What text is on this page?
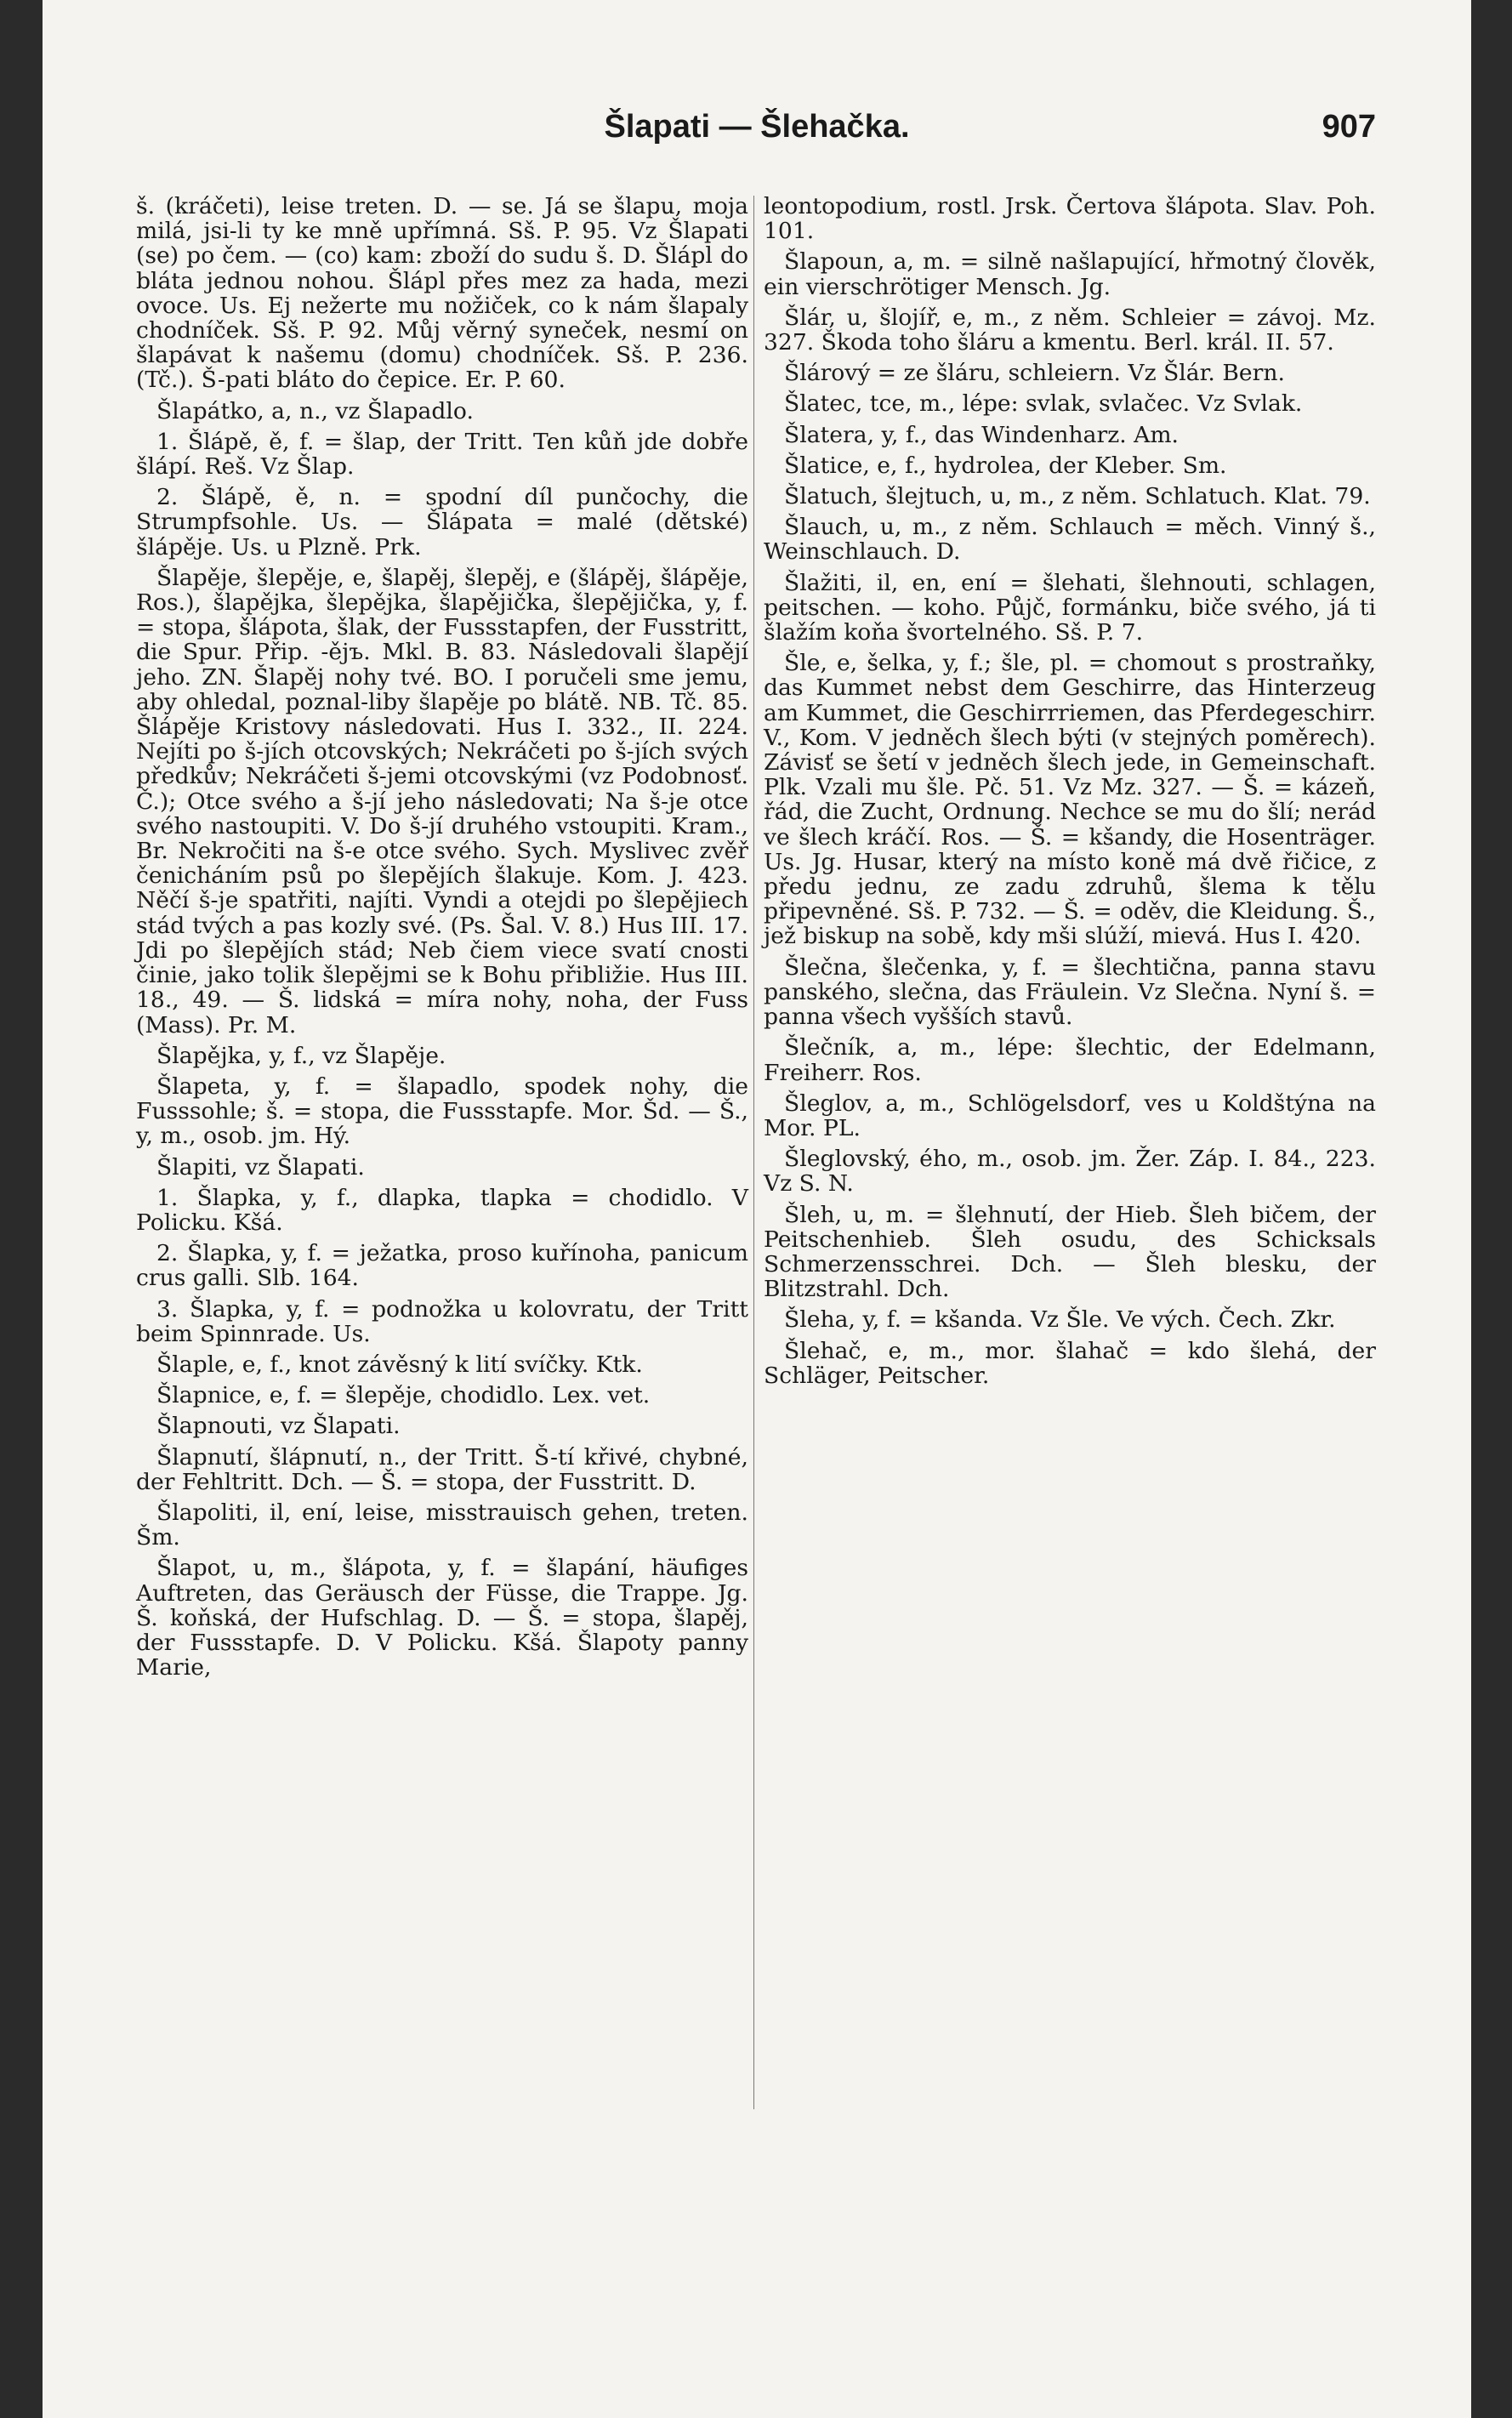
Šlapati — Šlehačka.	907

š. (kráčeti), leise treten. D. — se. Já se šlapu, moja milá, jsi-li ty ke mně upřímná. Sš. P. 95. Vz Šlapati (se) po čem. — (co) kam: zboží do sudu š. D. Šlápl do bláta jednou nohou. Šlápl přes mez za hada, mezi ovoce. Us. Ej nežerte mu nožiček, co k nám šlapaly chodníček. Sš. P. 92. Můj věrný syneček, nesmí on šlapávat k našemu (domu) chodníček. Sš. P. 236. (Tč.). Š-pati bláto do čepice. Er. P. 60.

Šlapátko, a, n., vz Šlapadlo.

1. Šlápě, ě, f. = šlap, der Tritt. Ten kůň jde dobře šlápí. Reš. Vz Šlap.

2. Šlápě, ě, n. = spodní díl punčochy, die Strumpfsohle. Us. — Šlápata = malé (dětské) šlápěje. Us. u Plzně. Prk.

Šlapěje, šlepěje, e, šlapěj, šlepěj, e (šlápěj, šlápěje, Ros.), šlapějka, šlepějka, šlapějička, šlepějička, y, f. = stopa, šlápota, šlak, der Fussstapfen, der Fusstritt, die Spur. Přip. -ějъ. Mkl. B. 83. Následovali šlapějí jeho. ZN. Šlapěj nohy tvé. BO. I poručeli sme jemu, aby ohledal, poznal-liby šlapěje po blátě. NB. Tč. 85. Šlápěje Kristovy následovati. Hus I. 332., II. 224. Nejíti po š-jích otcovských; Nekráčeti po š-jích svých předkův; Nekráčeti š-jemi otcovskými (vz Podobnosť. Č.); Otce svého a š-jí jeho následovati; Na š-je otce svého nastoupiti. V. Do š-jí druhého vstoupiti. Kram., Br. Nekročiti na š-e otce svého. Sych. Myslivec zvěř čenicháním psů po šlepějích šlakuje. Kom. J. 423. Něčí š-je spatřiti, najíti. Vyndi a otejdi po šlepějiech stád tvých a pas kozly své. (Ps. Šal. V. 8.) Hus III. 17. Jdi po šlepějích stád; Neb čiem viece svatí cnosti činie, jako tolik šlepějmi se k Bohu přibližie. Hus III. 18., 49. — Š. lidská = míra nohy, noha, der Fuss (Mass). Pr. M.

Šlapějka, y, f., vz Šlapěje.

Šlapeta, y, f. = šlapadlo, spodek nohy, die Fusssohle; š. = stopa, die Fussstapfe. Mor. Šd. — Š., y, m., osob. jm. Hý.

Šlapiti, vz Šlapati.

1. Šlapka, y, f., dlapka, tlapka = chodidlo. V Policku. Kšá.

2. Šlapka, y, f. = ježatka, proso kuřínoha, panicum crus galli. Slb. 164.

3. Šlapka, y, f. = podnožka u kolovratu, der Tritt beim Spinnrade. Us.

Šlaple, e, f., knot závěsný k lití svíčky. Ktk.

Šlapnice, e, f. = šlepěje, chodidlo. Lex. vet.

Šlapnouti, vz Šlapati.

Šlapnutí, šlápnutí, n., der Tritt. Š-tí křivé, chybné, der Fehltritt. Dch. — Š. = stopa, der Fusstritt. D.

Šlapoliti, il, ení, leise, misstrauisch gehen, treten. Šm.

Šlapot, u, m., šlápota, y, f. = šlapání, häufiges Auftreten, das Geräusch der Füsse, die Trappe. Jg. Š. koňská, der Hufschlag. D. — Š. = stopa, šlapěj, der Fussstapfe. D. V Policku. Kšá. Šlapoty panny Marie,

leontopodium, rostl. Jrsk. Čertova šlápota. Slav. Poh. 101.

Šlapoun, a, m. = silně našlapující, hřmotný člověk, ein vierschrötiger Mensch. Jg.

Šlár, u, šlojíř, e, m., z něm. Schleier = závoj. Mz. 327. Škoda toho šláru a kmentu. Berl. král. II. 57.

Šlárový = ze šláru, schleiern. Vz Šlár. Bern.

Šlatec, tce, m., lépe: svlak, svlačec. Vz Svlak.

Šlatera, y, f., das Windenharz. Am.

Šlatice, e, f., hydrolea, der Kleber. Sm.

Šlatuch, šlejtuch, u, m., z něm. Schlatuch. Klat. 79.

Šlauch, u, m., z něm. Schlauch = měch. Vinný š., Weinschlauch. D.

Šlažiti, il, en, ení = šlehati, šlehnouti, schlagen, peitschen. — koho. Půjč, formánku, biče svého, já ti šlažím koňa švortelného. Sš. P. 7.

Šle, e, šelka, y, f.; šle, pl. = chomout s prostraňky, das Kummet nebst dem Geschirre, das Hinterzeug am Kummet, die Geschirrriemen, das Pferdegeschirr. V., Kom. V jedněch šlech býti (v stejných poměrech). Závisť se šetí v jedněch šlech jede, in Gemeinschaft. Plk. Vzali mu šle. Pč. 51. Vz Mz. 327. — Š. = kázeň, řád, die Zucht, Ordnung. Nechce se mu do šlí; nerád ve šlech kráčí. Ros. — Š. = kšandy, die Hosenträger. Us. Jg. Husar, který na místo koně má dvě řičice, z předu jednu, ze zadu zdruhů, šlema k tělu připevněné. Sš. P. 732. — Š. = oděv, die Kleidung. Š., jež biskup na sobě, kdy mši slúží, mievá. Hus I. 420.

Šlečna, šlečenka, y, f. = šlechtična, panna stavu panského, slečna, das Fräulein. Vz Slečna. Nyní š. = panna všech vyšších stavů.

Šlečník, a, m., lépe: šlechtic, der Edelmann, Freiherr. Ros.

Šleglov, a, m., Schlögelsdorf, ves u Koldštýna na Mor. PL.

Šleglovský, ého, m., osob. jm. Žer. Záp. I. 84., 223. Vz S. N.

Šleh, u, m. = šlehnutí, der Hieb. Šleh bičem, der Peitschenhieb. Šleh osudu, des Schicksals Schmerzensschrei. Dch. — Šleh blesku, der Blitzstrahl. Dch.

Šleha, y, f. = kšanda. Vz Šle. Ve vých. Čech. Zkr.

Šlehač, e, m., mor. šlahač = kdo šlehá, der Schläger, Peitscher.
